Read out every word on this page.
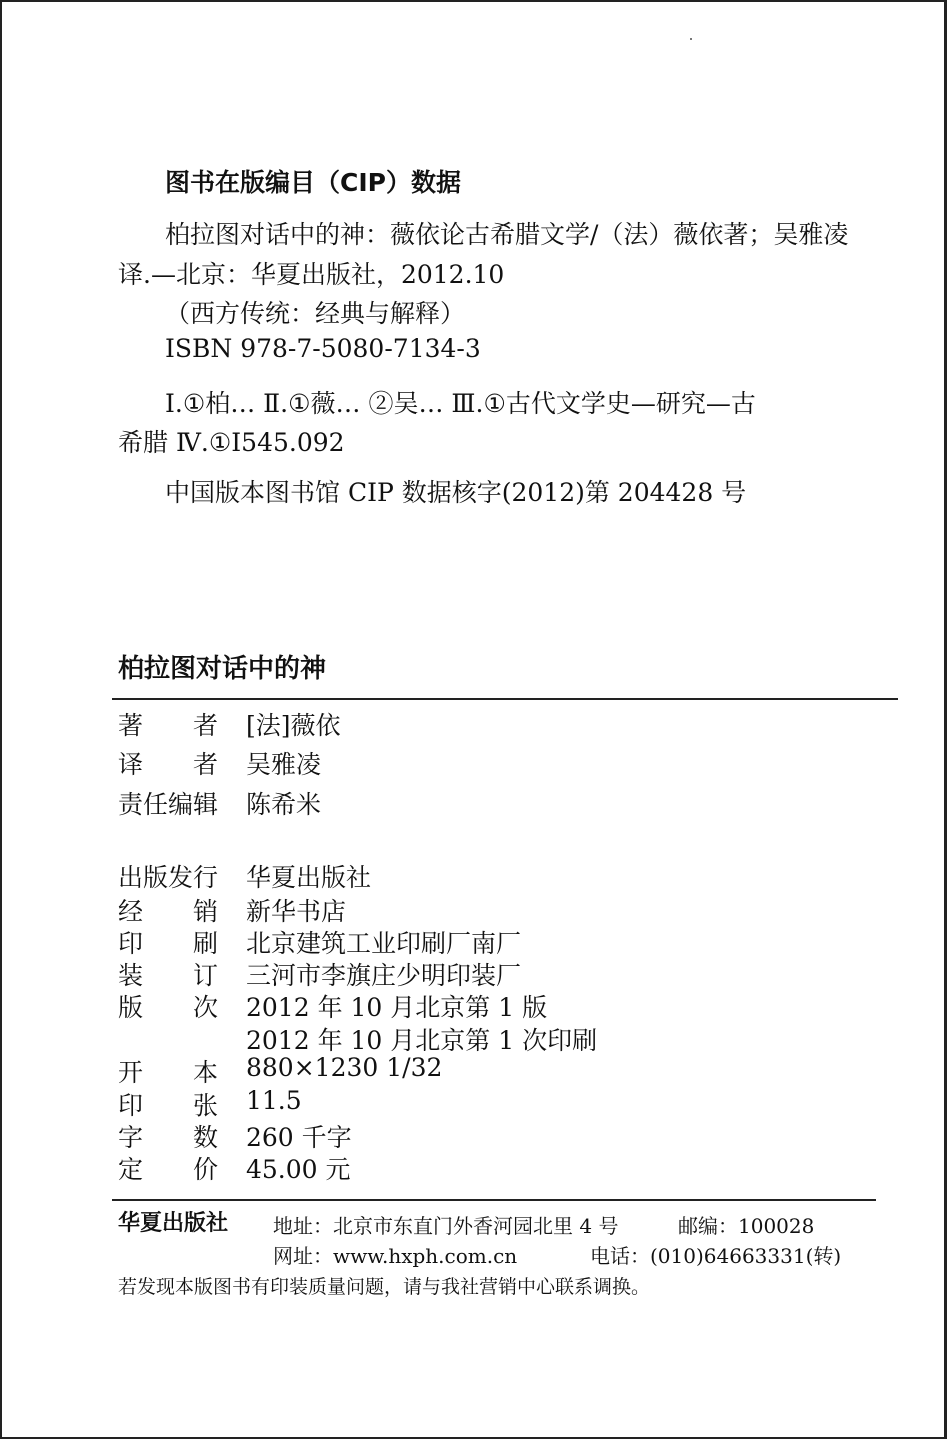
图书在版编目（CIP）数据
柏拉图对话中的神：薇依论古希腊文学/（法）薇依著；吴雅凌
译.—北京：华夏出版社，2012.10
（西方传统：经典与解释）
ISBN 978-7-5080-7134-3
Ⅰ.①柏… Ⅱ.①薇… ②吴… Ⅲ.①古代文学史—研究—古
希腊 Ⅳ.①I545.092
中国版本图书馆 CIP 数据核字(2012)第 204428 号
柏拉图对话中的神
著 者 [法]薇依
译 者 吴雅凌
责任编辑 陈希米
出版发行 华夏出版社
经 销 新华书店
印 刷 北京建筑工业印刷厂南厂
装 订 三河市李旗庄少明印装厂
版 次 2012 年 10 月北京第 1 版
2012 年 10 月北京第 1 次印刷
开 本 880×1230 1/32
印 张 11.5
字 数 260 千字
定 价 45.00 元
华夏出版社 地址：北京市东直门外香河园北里 4 号	邮编：100028
网址：www.hxph.com.cn	电话：(010)64663331(转)
若发现本版图书有印装质量问题，请与我社营销中心联系调换。
